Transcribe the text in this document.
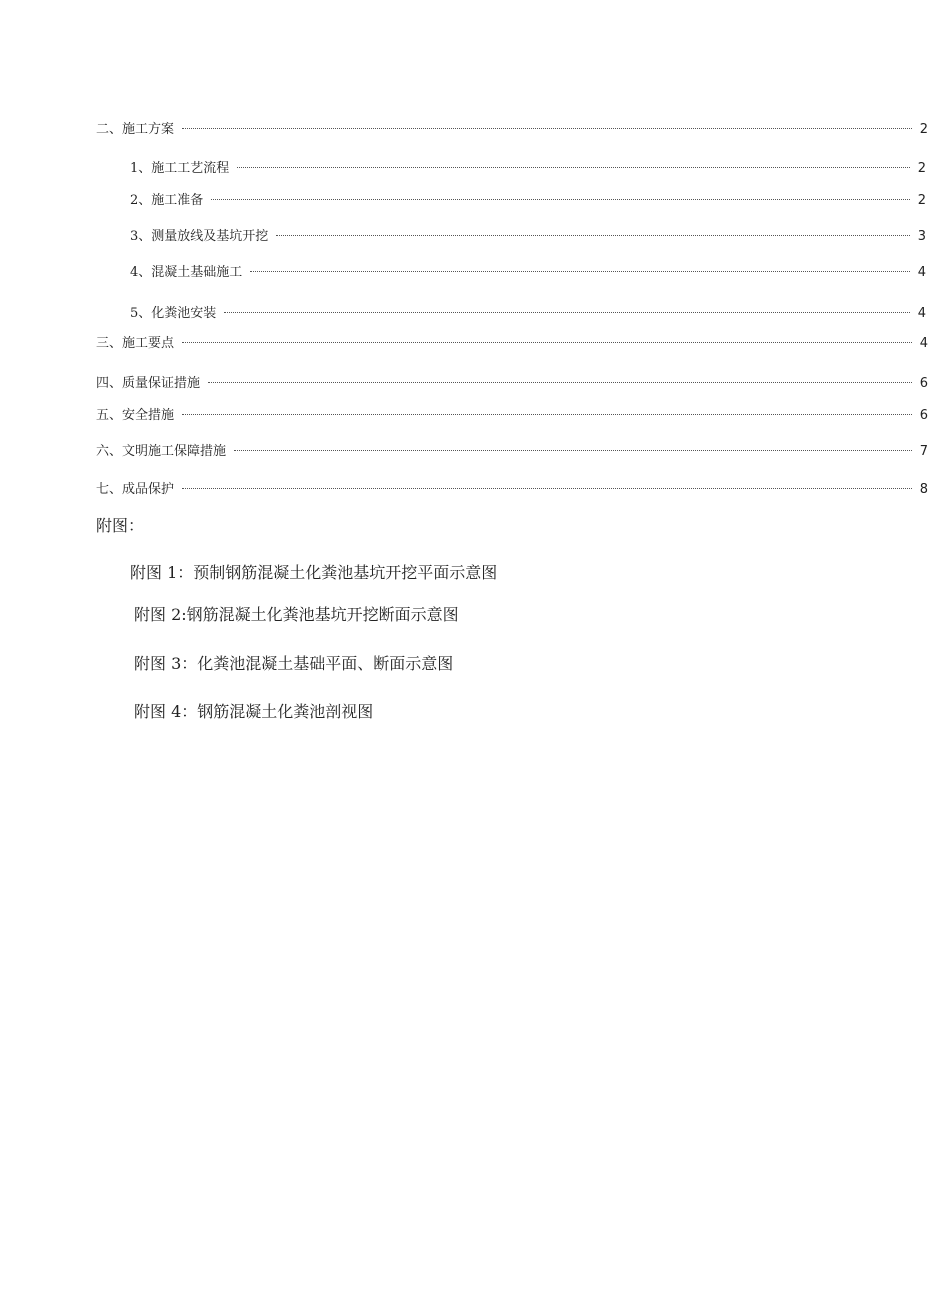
二、施工方案	2
1、施工工艺流程	2
2、施工准备	2
3、测量放线及基坑开挖	3
4、混凝土基础施工	4
5、化粪池安装	4
三、施工要点	4
四、质量保证措施	6
五、安全措施	6
六、文明施工保障措施	7
七、成品保护	8
附图：
附图 1：预制钢筋混凝土化粪池基坑开挖平面示意图
附图 2:钢筋混凝土化粪池基坑开挖断面示意图
附图 3：化粪池混凝土基础平面、断面示意图
附图 4：钢筋混凝土化粪池剖视图
